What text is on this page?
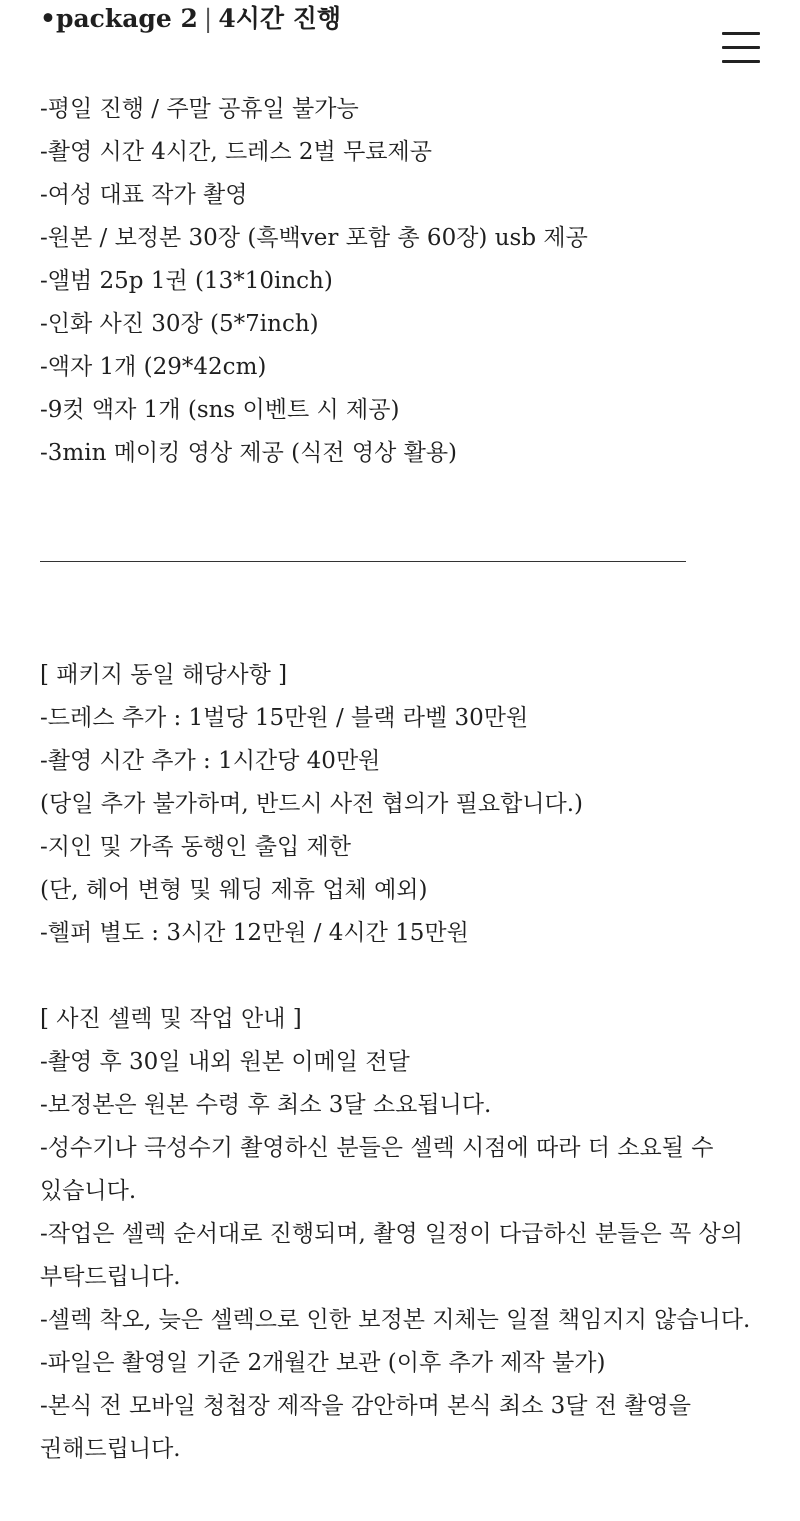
•package 2 | 4시간 진행
-평일 진행 / 주말 공휴일 불가능
-촬영 시간 4시간, 드레스 2벌 무료제공
-여성 대표 작가 촬영
-원본 / 보정본 30장 (흑백ver 포함 총 60장) usb 제공
-앨범 25p 1권 (13*10inch)
-인화 사진 30장 (5*7inch)
-액자 1개 (29*42cm)
-9컷 액자 1개 (sns 이벤트 시 제공)
-3min 메이킹 영상 제공 (식전 영상 활용)
[ 패키지 동일 해당사항 ]
-드레스 추가 : 1벌당 15만원 / 블랙 라벨 30만원
-촬영 시간 추가 : 1시간당 40만원
(당일 추가 불가하며, 반드시 사전 협의가 필요합니다.)
-지인 및 가족 동행인 출입 제한
(단, 헤어 변형 및 웨딩 제휴 업체 예외)
-헬퍼 별도 : 3시간 12만원 / 4시간 15만원
[ 사진 셀렉 및 작업 안내 ]
-촬영 후 30일 내외 원본 이메일 전달
-보정본은 원본 수령 후 최소 3달 소요됩니다.
-성수기나 극성수기 촬영하신 분들은 셀렉 시점에 따라 더 소요될 수 있습니다.
-작업은 셀렉 순서대로 진행되며, 촬영 일정이 다급하신 분들은 꼭 상의 부탁드립니다.
-셀렉 착오, 늦은 셀렉으로 인한 보정본 지체는 일절 책임지지 않습니다.
-파일은 촬영일 기준 2개월간 보관 (이후 추가 제작 불가)
-본식 전 모바일 청첩장 제작을 감안하며 본식 최소 3달 전 촬영을 권해드립니다.
